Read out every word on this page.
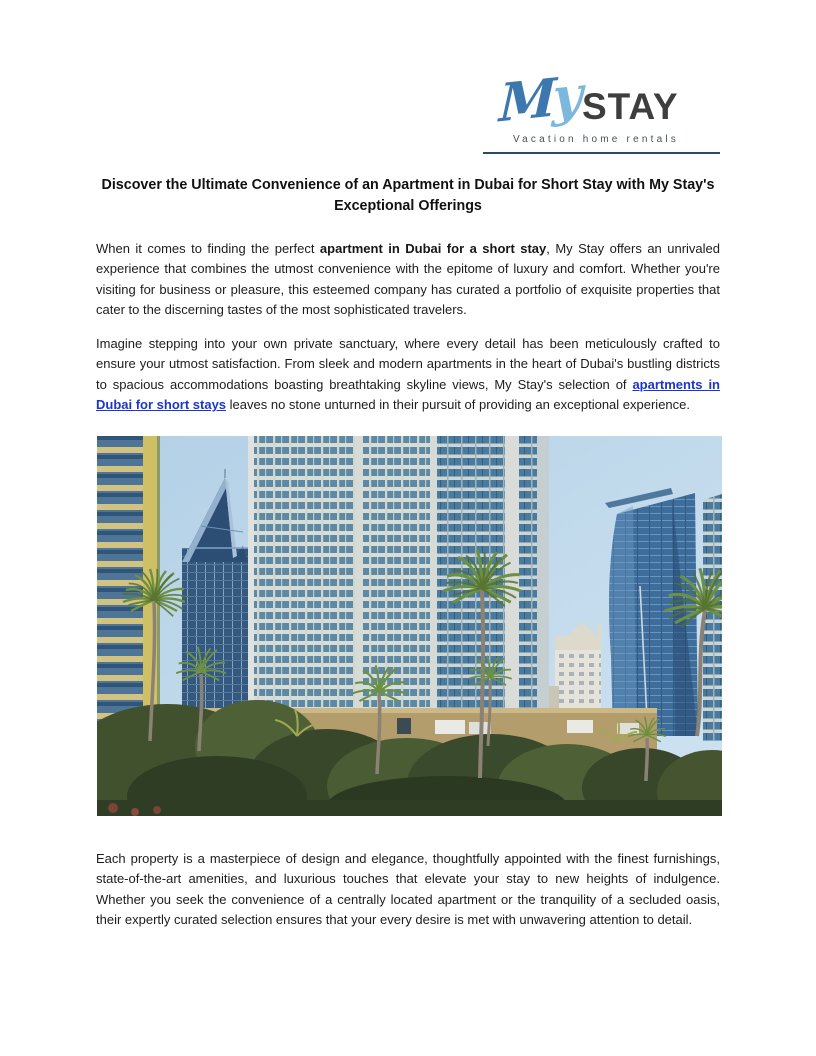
My STAY
Vacation home rentals
Discover the Ultimate Convenience of an Apartment in Dubai for Short Stay with My Stay's
Exceptional Offerings

When it comes to finding the perfect apartment in Dubai for a short stay, My Stay offers an unrivaled experience that combines the utmost convenience with the epitome of luxury and comfort. Whether you're visiting for business or pleasure, this esteemed company has curated a portfolio of exquisite properties that cater to the discerning tastes of the most sophisticated travelers.

Imagine stepping into your own private sanctuary, where every detail has been meticulously crafted to ensure your utmost satisfaction. From sleek and modern apartments in the heart of Dubai's bustling districts to spacious accommodations boasting breathtaking skyline views, My Stay's selection of apartments in Dubai for short stays leaves no stone unturned in their pursuit of providing an exceptional experience.

Each property is a masterpiece of design and elegance, thoughtfully appointed with the finest furnishings, state-of-the-art amenities, and luxurious touches that elevate your stay to new heights of indulgence. Whether you seek the convenience of a centrally located apartment or the tranquility of a secluded oasis, their expertly curated selection ensures that your every desire is met with unwavering attention to detail.
